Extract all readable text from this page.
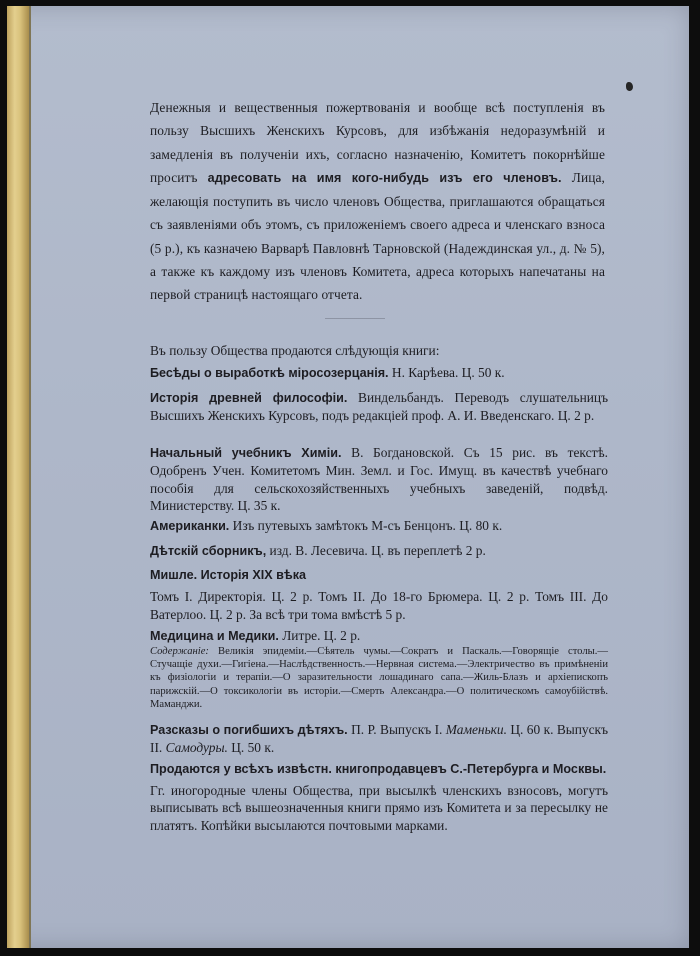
Денежныя и вещественныя пожертвованія и вообще всѣ поступленія въ пользу Высшихъ Женскихъ Курсовъ, для избѣжанія недоразумѣній и замедленія въ полученіи ихъ, согласно назначенію, Комитетъ покорнѣйше проситъ адресовать на имя кого-нибудь изъ его членовъ. Лица, желающія поступить въ число членовъ Общества, приглашаются обращаться съ заявленіями объ этомъ, съ приложеніемъ своего адреса и членскаго взноса (5 р.), къ казначею Варварѣ Павловнѣ Тарновской (Надеждинская ул., д. № 5), а также къ каждому изъ членовъ Комитета, адреса которыхъ напечатаны на первой страницѣ настоящаго отчета.

Въ пользу Общества продаются слѣдующія книги:

Бесѣды о выработкѣ міросозерцанія. Н. Карѣева. Ц. 50 к.

Исторія древней философіи. Виндельбандъ. Переводъ слушательницъ Высшихъ Женскихъ Курсовъ, подъ редакціей проф. А. И. Введенскаго. Ц. 2 р.

Начальный учебникъ Химіи. В. Богдановской. Съ 15 рис. въ текстѣ. Одобренъ Учен. Комитетомъ Мин. Земл. и Гос. Имущ. въ качествѣ учебнаго пособія для сельскохозяйственныхъ учебныхъ заведеній, подвѣд. Министерству. Ц. 35 к.

Американки. Изъ путевыхъ замѣтокъ М-съ Бенцонъ. Ц. 80 к.

Дѣтскій сборникъ, изд. В. Лесевича. Ц. въ переплетѣ 2 р.

Мишле. Исторія XIX вѣка

Томъ I. Директорія. Ц. 2 р. Томъ II. До 18-го Брюмера. Ц. 2 р. Томъ III. До Ватерлоо. Ц. 2 р. За всѣ три тома вмѣстѣ 5 р.

Медицина и Медики. Литре. Ц. 2 р.

Содержаніе: Великія эпидеміи.—Сѣятель чумы.—Сократъ и Паскаль.—Говорящіе столы.—Стучащіе духи.—Гигіена.—Наслѣдственность.—Нервная система.—Электричество въ примѣненіи къ физіологіи и терапіи.—О заразительности лошадинаго сапа.—Жиль-Блазъ и архіепископъ парижскій.—О токсикологіи въ исторіи.—Смерть Александра.—О политическомъ самоубійствѣ. Маманджи.

Разсказы о погибшихъ дѣтяхъ. П. Р. Выпускъ I. Маменьки. Ц. 60 к. Выпускъ II. Самодуры. Ц. 50 к.

Продаются у всѣхъ извѣстн. книгопродавцевъ С.-Петербурга и Москвы.

Гг. иногородные члены Общества, при высылкѣ членскихъ взносовъ, могутъ выписывать всѣ вышеозначенныя книги прямо изъ Комитета и за пересылку не платятъ. Копѣйки высылаются почтовыми марками.
